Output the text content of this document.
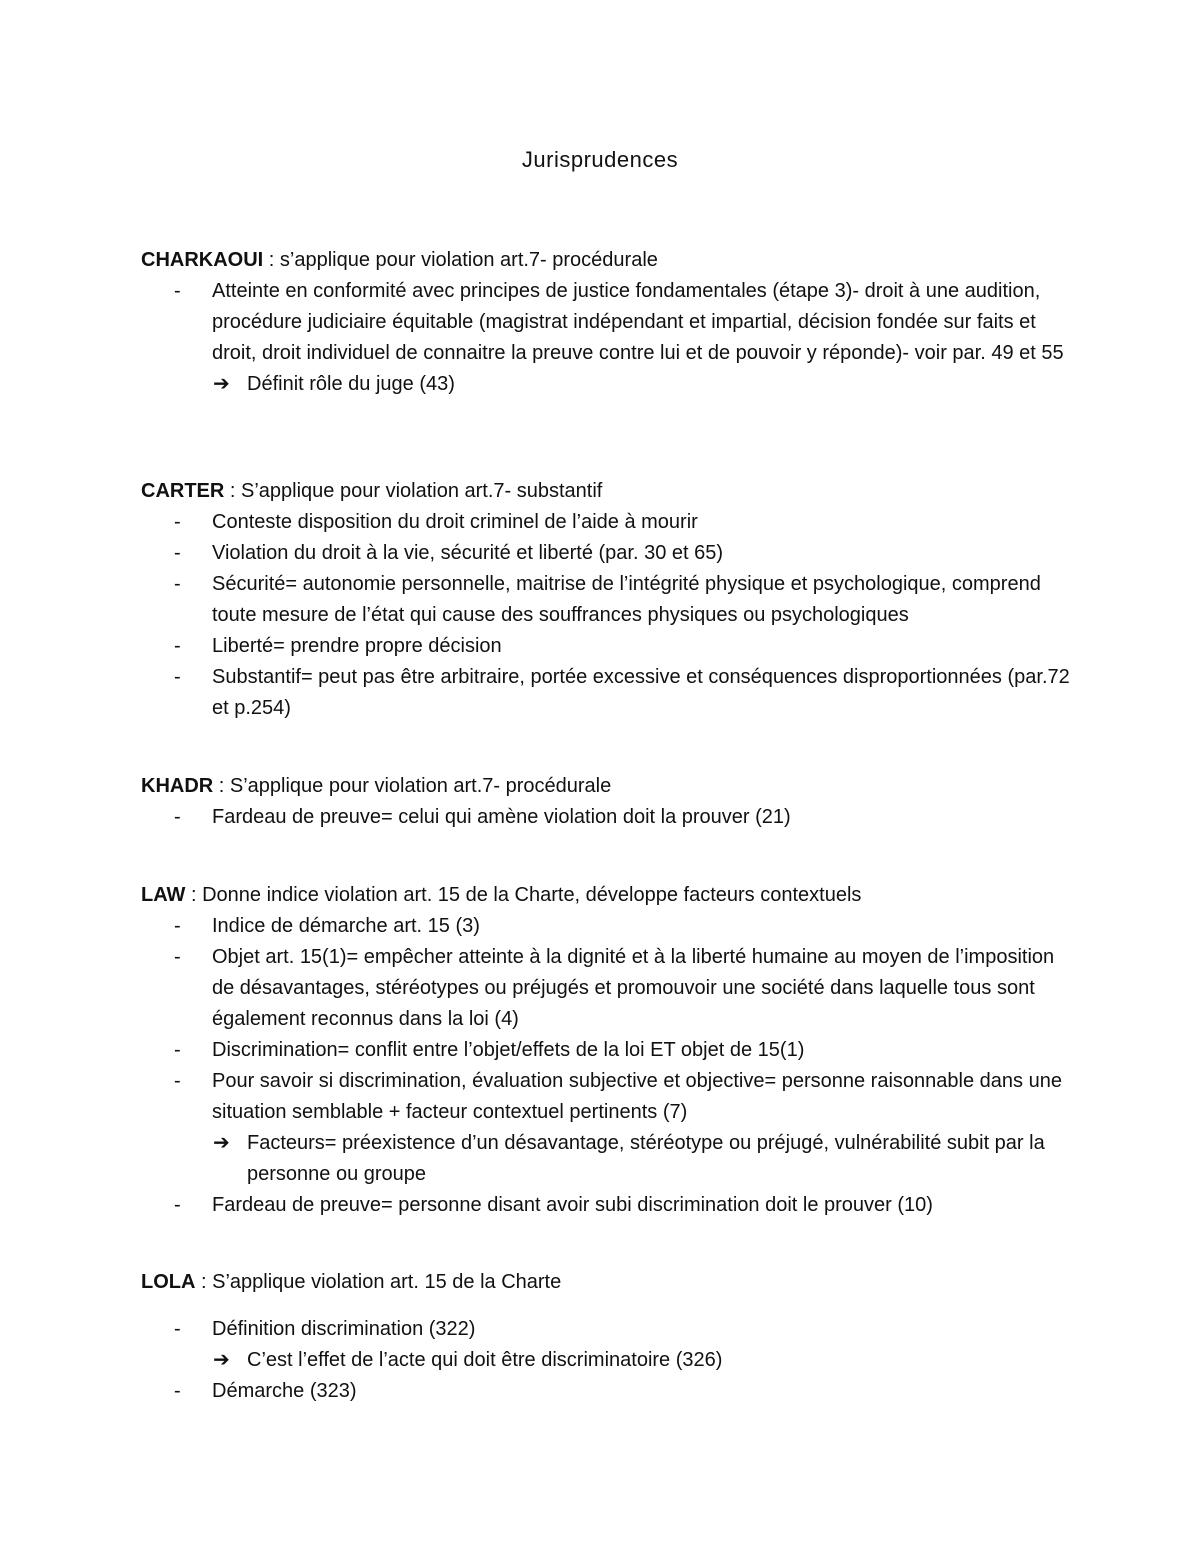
Jurisprudences

CHARKAOUI : s’applique pour violation art.7- procédurale

- Atteinte en conformité avec principes de justice fondamentales (étape 3)- droit à une audition, procédure judiciaire équitable (magistrat indépendant et impartial, décision fondée sur faits et droit, droit individuel de connaitre la preuve contre lui et de pouvoir y réponde)- voir par. 49 et 55
➔ Définit rôle du juge (43)

CARTER : S’applique pour violation art.7- substantif

- Conteste disposition du droit criminel de l’aide à mourir
- Violation du droit à la vie, sécurité et liberté (par. 30 et 65)
- Sécurité= autonomie personnelle, maitrise de l’intégrité physique et psychologique, comprend toute mesure de l’état qui cause des souffrances physiques ou psychologiques
- Liberté= prendre propre décision
- Substantif= peut pas être arbitraire, portée excessive et conséquences disproportionnées (par.72 et p.254)

KHADR : S’applique pour violation art.7- procédurale

- Fardeau de preuve= celui qui amène violation doit la prouver (21)

LAW : Donne indice violation art. 15 de la Charte, développe facteurs contextuels

- Indice de démarche art. 15 (3)
- Objet art. 15(1)= empêcher atteinte à la dignité et à la liberté humaine au moyen de l’imposition de désavantages, stéréotypes ou préjugés et promouvoir une société dans laquelle tous sont également reconnus dans la loi (4)
- Discrimination= conflit entre l’objet/effets de la loi ET objet de 15(1)
- Pour savoir si discrimination, évaluation subjective et objective= personne raisonnable dans une situation semblable + facteur contextuel pertinents (7)
➔ Facteurs= préexistence d’un désavantage, stéréotype ou préjugé, vulnérabilité subit par la personne ou groupe
- Fardeau de preuve= personne disant avoir subi discrimination doit le prouver (10)

LOLA : S’applique violation art. 15 de la Charte

- Définition discrimination (322)
➔ C’est l’effet de l’acte qui doit être discriminatoire (326)
- Démarche (323)
